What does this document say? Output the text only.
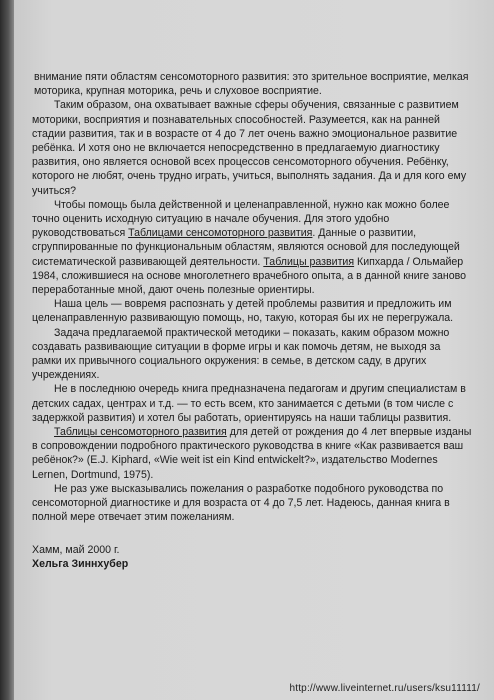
внимание пяти областям сенсомоторного развития: это зрительное восприятие, мелкая моторика, крупная моторика, речь и слуховое восприятие.

Таким образом, она охватывает важные сферы обучения, связанные с развитием моторики, восприятия и познавательных способностей. Разумеется, как на ранней стадии развития, так и в возрасте от 4 до 7 лет очень важно эмоциональное развитие ребёнка. И хотя оно не включается непосредственно в предлагаемую диагностику развития, оно является основой всех процессов сенсомоторного обучения. Ребёнку, которого не любят, очень трудно играть, учиться, выполнять задания. Да и для кого ему учиться?

Чтобы помощь была действенной и целенаправленной, нужно как можно более точно оценить исходную ситуацию в начале обучения. Для этого удобно руководствоваться Таблицами сенсомоторного развития. Данные о развитии, сгруппированные по функциональным областям, являются основой для последующей систематической развивающей деятельности. Таблицы развития Кипхарда / Ольмайер 1984, сложившиеся на основе многолетнего врачебного опыта, а в данной книге заново переработанные мной, дают очень полезные ориентиры.

Наша цель — вовремя распознать у детей проблемы развития и предложить им целенаправленную развивающую помощь, но, такую, которая бы их не перегружала.

Задача предлагаемой практической методики – показать, каким образом можно создавать развивающие ситуации в форме игры и как помочь детям, не выходя за рамки их привычного социального окружения: в семье, в детском саду, в других учреждениях.

Не в последнюю очередь книга предназначена педагогам и другим специалистам в детских садах, центрах и т.д. — то есть всем, кто занимается с детьми (в том числе с задержкой развития) и хотел бы работать, ориентируясь на наши таблицы развития.

Таблицы сенсомоторного развития для детей от рождения до 4 лет впервые изданы в сопровождении подробного практического руководства в книге «Как развивается ваш ребёнок?» (E.J. Kiphard, «Wie weit ist ein Kind entwickelt?», издательство Modernes Lernen, Dortmund, 1975).

Не раз уже высказывались пожелания о разработке подобного руководства по сенсомоторной диагностике и для возраста от 4 до 7,5 лет. Надеюсь, данная книга в полной мере отвечает этим пожеланиям.

Хамм, май 2000 г.

Хельга Зиннхубер

http://www.liveinternet.ru/users/ksu11111/
